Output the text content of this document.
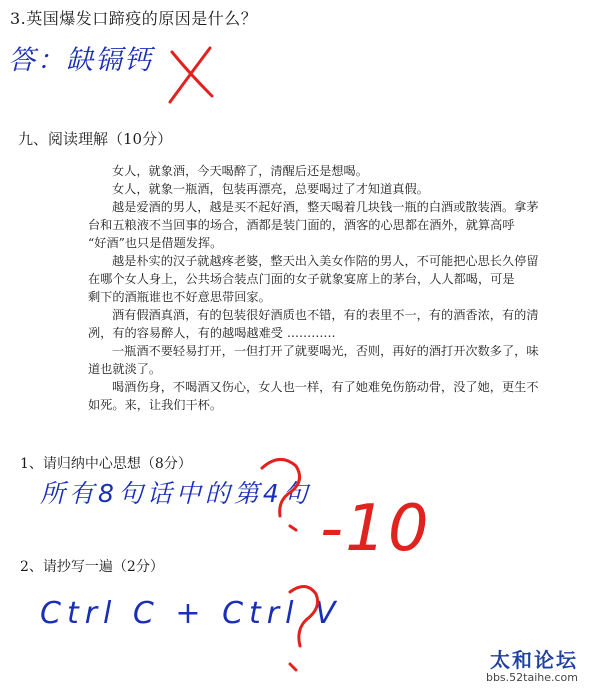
3.英国爆发口蹄疫的原因是什么？
答：缺镉钙
九、阅读理解（10分）

女人，就象酒，今天喝醉了，清醒后还是想喝。

女人，就象一瓶酒，包装再漂亮，总要喝过了才知道真假。

越是爱酒的男人，越是买不起好酒，整天喝着几块钱一瓶的白酒或散装酒。拿茅

台和五粮液不当回事的场合，酒都是装门面的，酒客的心思都在酒外，就算高呼

“好酒”也只是借题发挥。

越是朴实的汉子就越疼老婆，整天出入美女作陪的男人，不可能把心思长久停留

在哪个女人身上，公共场合装点门面的女子就象宴席上的茅台，人人都喝，可是

剩下的酒瓶谁也不好意思带回家。

酒有假酒真酒，有的包装很好酒质也不错，有的表里不一，有的酒香浓，有的清

冽，有的容易醉人，有的越喝越难受 …………

一瓶酒不要轻易打开，一但打开了就要喝光，否则，再好的酒打开次数多了，味

道也就淡了。

喝酒伤身，不喝酒又伤心，女人也一样，有了她难免伤筋动骨，没了她，更生不

如死。来，让我们干杯。

1、请归纳中心思想（8分）
所有8句话中的第4句
2、请抄写一遍（2分）
Ctrl C + Ctrl V
-10
太和论坛
bbs.52taihe.com
